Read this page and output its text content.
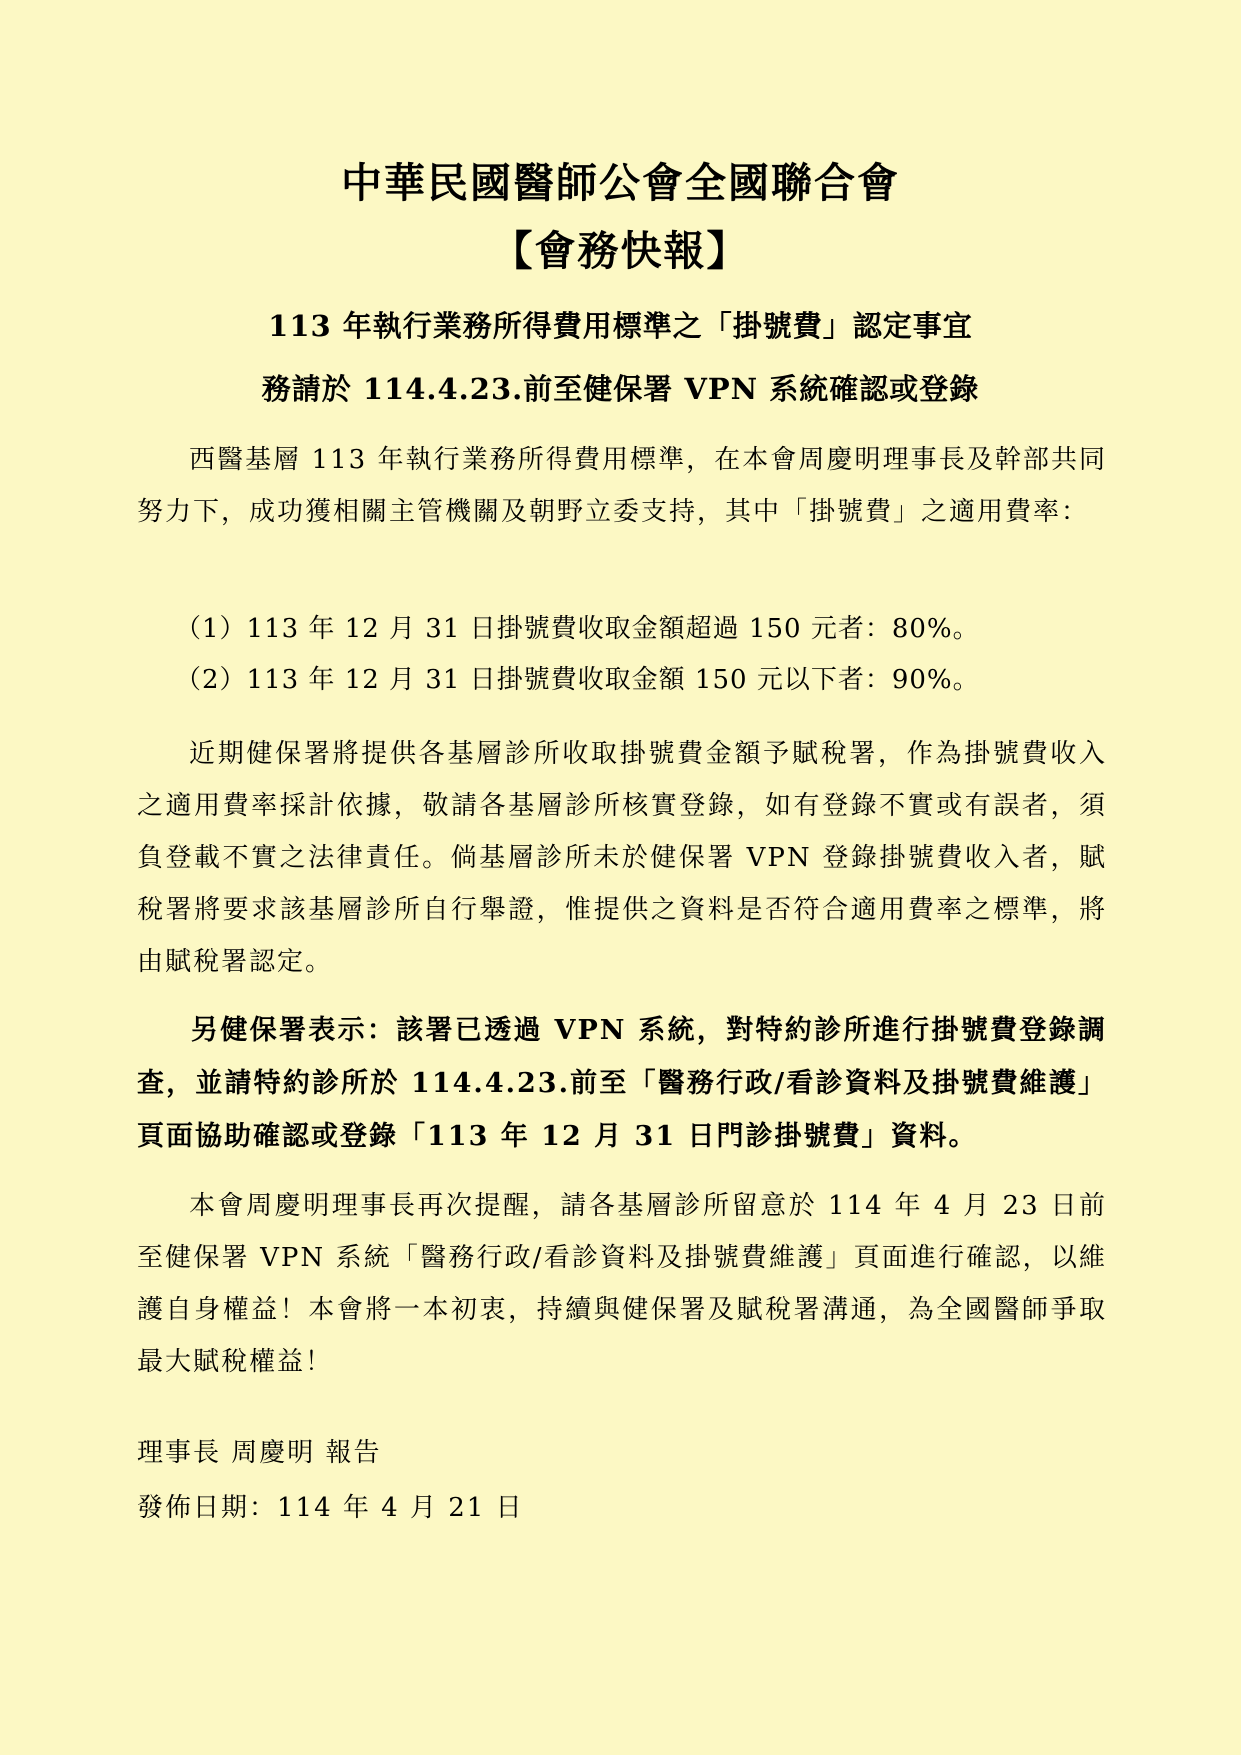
中華民國醫師公會全國聯合會
【會務快報】
113 年執行業務所得費用標準之「掛號費」認定事宜
務請於 114.4.23.前至健保署 VPN 系統確認或登錄

西醫基層 113 年執行業務所得費用標準，在本會周慶明理事長及幹部共同努力下，成功獲相關主管機關及朝野立委支持，其中「掛號費」之適用費率：

（1）113 年 12 月 31 日掛號費收取金額超過 150 元者：80%。
（2）113 年 12 月 31 日掛號費收取金額 150 元以下者：90%。

近期健保署將提供各基層診所收取掛號費金額予賦稅署，作為掛號費收入之適用費率採計依據，敬請各基層診所核實登錄，如有登錄不實或有誤者，須負登載不實之法律責任。倘基層診所未於健保署 VPN 登錄掛號費收入者，賦稅署將要求該基層診所自行舉證，惟提供之資料是否符合適用費率之標準，將由賦稅署認定。

另健保署表示：該署已透過 VPN 系統，對特約診所進行掛號費登錄調查，並請特約診所於 114.4.23.前至「醫務行政/看診資料及掛號費維護」頁面協助確認或登錄「113 年 12 月 31 日門診掛號費」資料。

本會周慶明理事長再次提醒，請各基層診所留意於 114 年 4 月 23 日前至健保署 VPN 系統「醫務行政/看診資料及掛號費維護」頁面進行確認，以維護自身權益！本會將一本初衷，持續與健保署及賦稅署溝通，為全國醫師爭取最大賦稅權益！

理事長 周慶明 報告
發佈日期：114 年 4 月 21 日
